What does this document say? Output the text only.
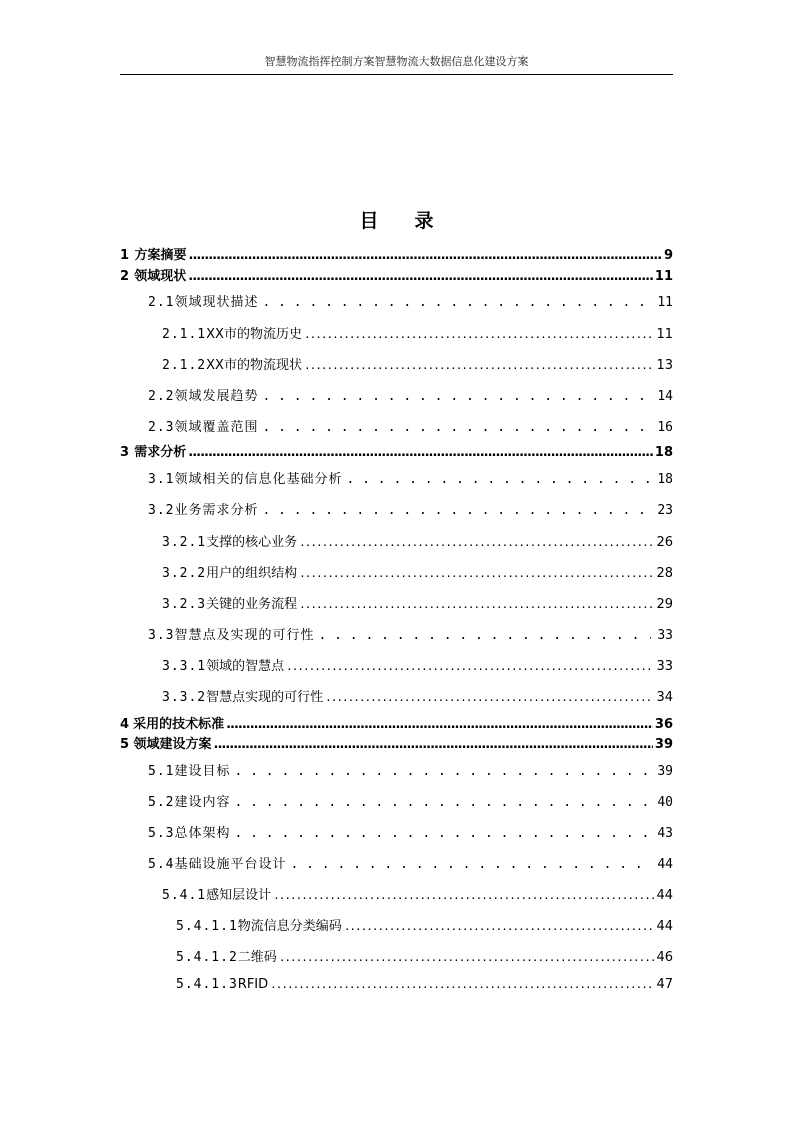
智慧物流指挥控制方案智慧物流大数据信息化建设方案
目 录
1 方案摘要 .....	9
2 领域现状 .....	11
2.1 领域现状描述 . . .	11
2.1.1 XX市的物流历史 .....	11
2.1.2 XX市的物流现状 .....	13
2.2 领域发展趋势 . . .	14
2.3 领域覆盖范围 . . .	16
3 需求分析 .....	18
3.1 领域相关的信息化基础分析 . . .	18
3.2 业务需求分析 . . .	23
3.2.1 支撑的核心业务 .....	26
3.2.2 用户的组织结构 .....	28
3.2.3 关键的业务流程 .....	29
3.3 智慧点及实现的可行性 . . .	33
3.3.1 领域的智慧点 .....	33
3.3.2 智慧点实现的可行性 .....	34
4 采用的技术标准 .....	36
5 领域建设方案 .....	39
5.1 建设目标 . . .	39
5.2 建设内容 . . .	40
5.3 总体架构 . . .	43
5.4 基础设施平台设计 . . .	44
5.4.1 感知层设计 .....	44
5.4.1.1 物流信息分类编码 .....	44
5.4.1.2 二维码 .....	46
5.4.1.3 RFID .....	47
